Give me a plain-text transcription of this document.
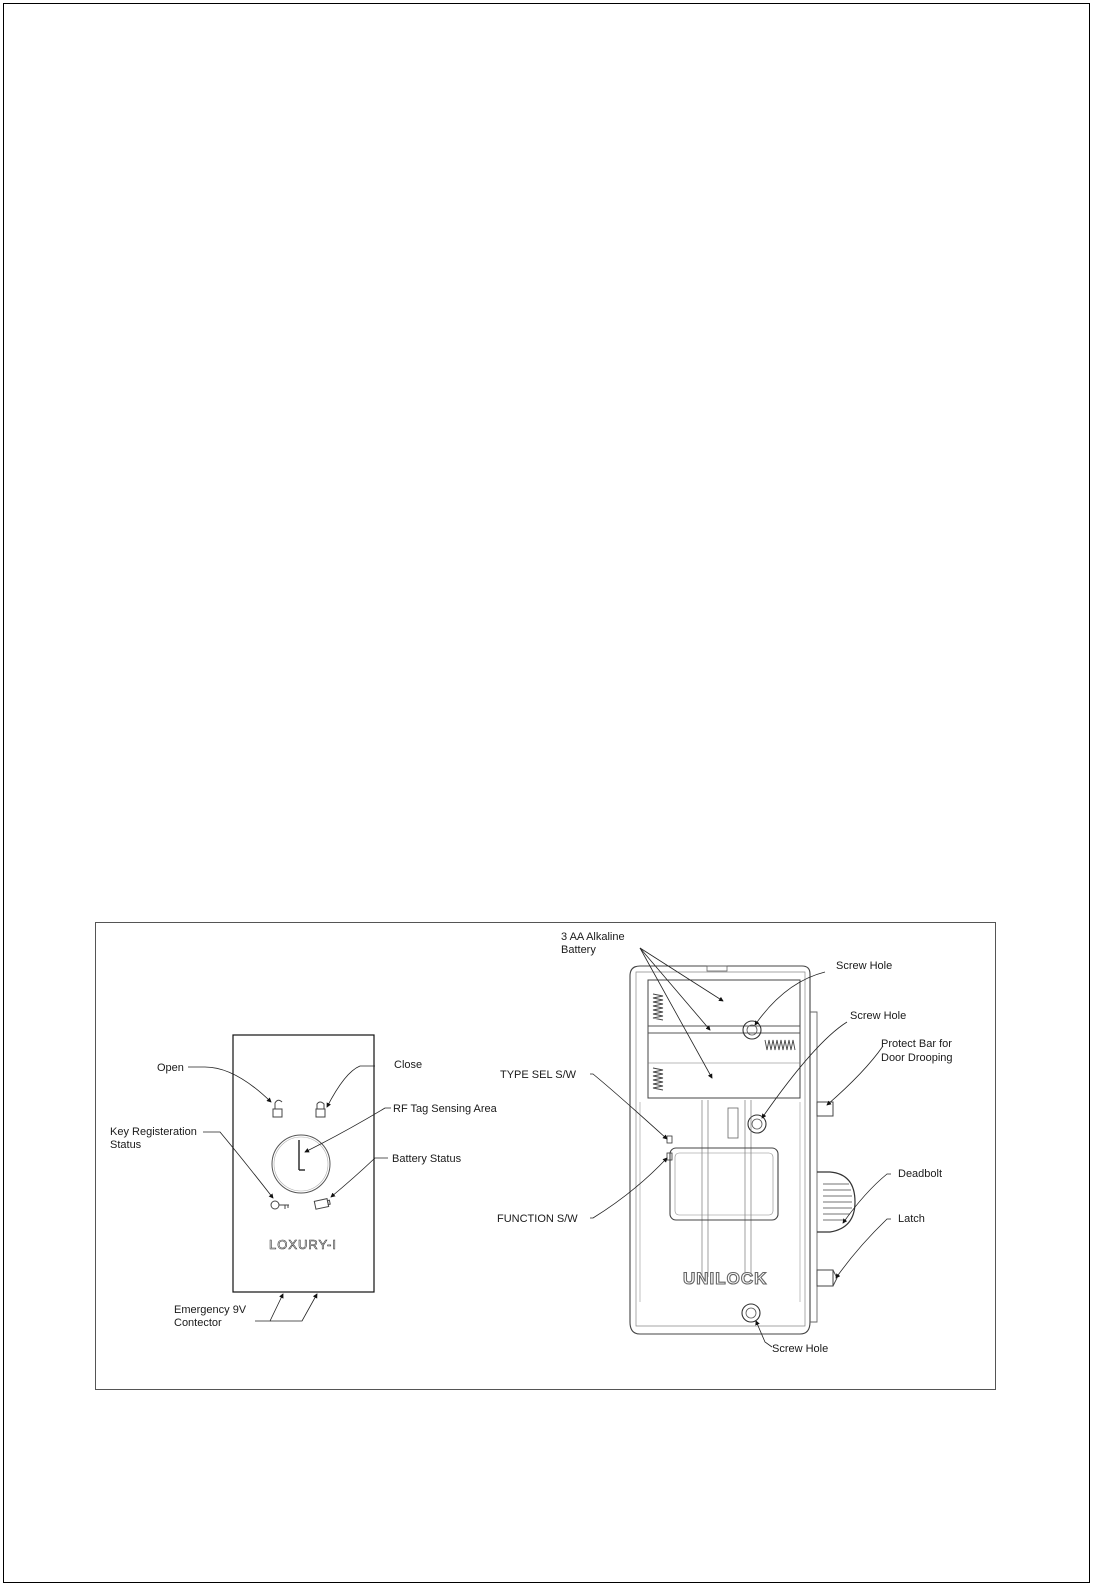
LOXURY-I
Open	Close
RF Tag Sensing Area
Key Registeration
Status
Battery Status
Emergency 9V
Contector
UNILOCK
3 AA Alkaline
Battery
Screw Hole
Screw Hole
Protect Bar for
Door Drooping
TYPE SEL S/W
FUNCTION S/W
Deadbolt
Latch
Screw Hole
